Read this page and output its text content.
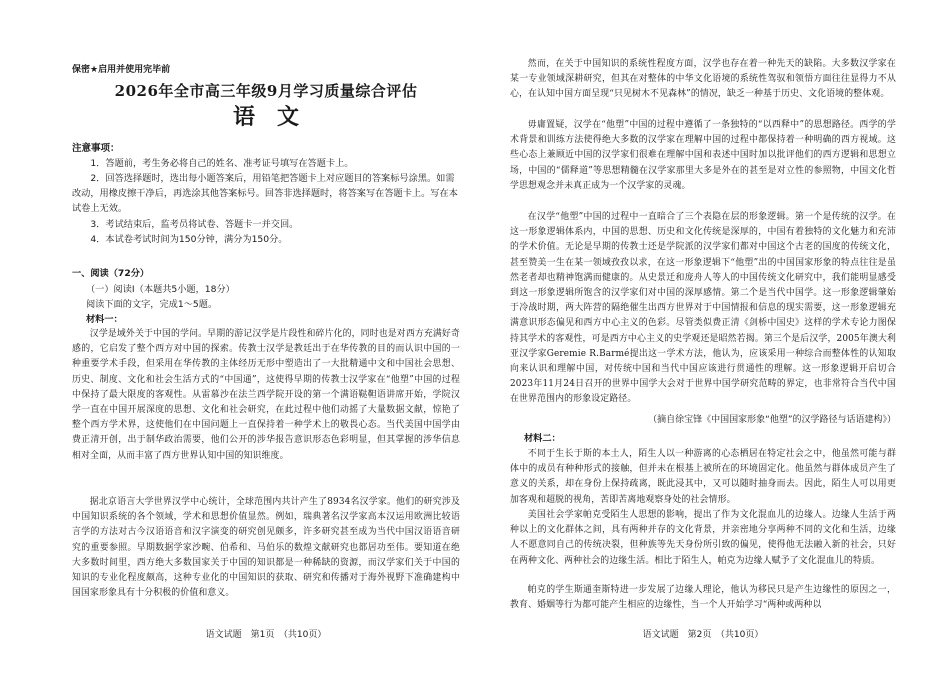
保密★启用并使用完毕前
2026年全市高三年级9月学习质量综合评估
语　文
注意事项：
1．答题前，考生务必将自己的姓名、准考证号填写在答题卡上。
2．回答选择题时，选出每小题答案后，用铅笔把答题卡上对应题目的答案标号涂黑。如需改动，用橡皮擦干净后，再选涂其他答案标号。回答非选择题时，将答案写在答题卡上。写在本试卷上无效。
3．考试结束后，监考员将试卷、答题卡一并交回。
4．本试卷考试时间为150分钟，满分为150分。
一、阅读（72分）
（一）阅读Ⅰ（本题共5小题，18分）
阅读下面的文字，完成1～5题。
材料一：
汉学是域外关于中国的学问。早期的游记汉学是片段性和碎片化的，同时也是对西方充满好奇感的，它启发了整个西方对中国的探索。传教士汉学是教廷出于在华传教的目的而认识中国的一种重要学术手段，但采用在华传教的主体经历无形中塑造出了一大批精通中文和中国社会思想、历史、制度、文化和社会生活方式的“中国通”，这使得早期的传教士汉学家在“他塑”中国的过程中保持了最大限度的客观性。从雷慕沙在法兰西学院开设的第一个满语鞑靼语讲席开始，学院汉学一直在中国开展深度的思想、文化和社会研究，在此过程中他们动摇了大量数据文献，惊艳了整个西方学术界，这使他们在中国问题上一直保持着一种学术上的敬畏心态。当代美国中国学由费正清开创，出于制华政治需要，他们公开的涉华报告意识形态色彩明显，但其掌握的涉华信息相对全面，从而丰富了西方世界认知中国的知识维度。
据北京语言大学世界汉学中心统计，全球范围内共计产生了8934名汉学家。他们的研究涉及中国知识系统的各个领域，学术和思想价值显然。例如，瑞典著名汉学家高本汉运用欧洲比较语言学的方法对古今汉语语音和汉字演变的研究创见颇多，许多研究甚至成为当代中国汉语语音研究的重要参照。早期数据学家沙畹、伯希和、马伯乐的数煌文献研究也都居功至伟。要知道在绝大多数时间里，西方绝大多数国家关于中国的知识都是一种稀缺的资源，而汉学家们关于中国的知识的专业化程度颇高，这种专业化的中国知识的获取、研究和传播对于海外视野下准确建构中国国家形象具有十分积极的价值和意义。
语文试题　第1页　（共10页）
然而，在关于中国知识的系统性程度方面，汉学也存在着一种先天的缺陷。大多数汉学家在某一专业领域深耕研究，但其在对整体的中华文化语境的系统性驾驭和领悟方面往往显得力不从心，在认知中国方面呈现“只见树木不见森林”的情况，缺乏一种基于历史、文化语境的整体观。
毋庸置疑，汉学在“他塑”中国的过程中遵循了一条独特的“以西释中”的思想路径。西学的学术背景和训练方法使得绝大多数的汉学家在理解中国的过程中都保持着一种明确的西方视域。这些心态上兼顾近中国的汉学家们很难在理解中国和表述中国时加以批评他们的西方逻辑和思想立场，中国的“儒释道”等思想精髓在汉学家那里大多是外在的甚至是对立性的参照物，中国文化哲学思想观念并未真正成为一个汉学家的灵魂。
在汉学“他塑”中国的过程中一直暗合了三个表隐在层的形象逻辑。第一个是传统的汉学。在这一形象逻辑体系内，中国的思想、历史和文化传统是深厚的，中国有着独特的文化魅力和充沛的学术价值。无论是早期的传教士还是学院派的汉学家们都对中国这个古老的国度的传统文化，甚至赞美一生在某一领域孜孜以求，在这一形象逻辑下“他塑”出的中国国家形象的特点往往是虽然老者却也精神饱满而健康的。从史景迁和庞舟人等人的中国传统文化研究中，我们能明显感受到这一形象逻辑所饱含的汉学家们对中国的深厚感情。第二个是当代中国学。这一形象逻辑肇始于冷战时期，两大阵营的隔绝催生出西方世界对于中国情报和信息的现实需要，这一形象逻辑充满意识形态偏见和西方中心主义的色彩。尽管类似费正清《剑桥中国史》这样的学术专论力图保持其学术的客观性，可是西方中心主义的史学观还是昭然若揭。第三个是后汉学，2005年澳大利亚汉学家Geremie R.Barmé提出这一学术方法，他认为，应该采用一种综合而整体性的认知取向来认识和理解中国，对传统中国和当代中国应该进行贯通性的理解。这一形象逻辑开启切合2023年11月24日召开的世界中国学大会对于世界中国学研究范畴的界定，也非常符合当代中国在世界范围内的形象设定路径。
（摘自徐宝锋《中国国家形象“他塑”的汉学路径与话语建构》）
材料二：
不同于生长于斯的本土人，陌生人以一种游离的心态栖居在特定社会之中，他虽然可能与群体中的成员有种种形式的接触，但并未在根基上被所在的环境固定化。他虽然与群体成员产生了意义的关系，却在身份上保持疏离，既此浸其中，又可以随时抽身而去。因此，陌生人可以用更加客观和超脱的视角，苦即苦离地观察身处的社会情形。
美国社会学家帕克受陌生人思想的影响，提出了作为文化混血儿的边缘人。边缘人生活于两种以上的文化群体之间，具有两种并存的文化背景，并亲密地分享两种不同的文化和生活，边缘人不愿意同自己的传统决裂，但种族等先天身份所引致的偏见，使得他无法融入新的社会，只好在两种文化、两种社会的边缘生活。相比于陌生人，帕克为边缘人赋予了文化混血儿的特质。
帕克的学生斯通奎斯特进一步发展了边缘人理论，他认为移民只是产生边缘性的原因之一，教育、婚姻等行为都可能产生相应的边缘性，当一个人开始学习“两种或两种以
语文试题　第2页　（共10页）
